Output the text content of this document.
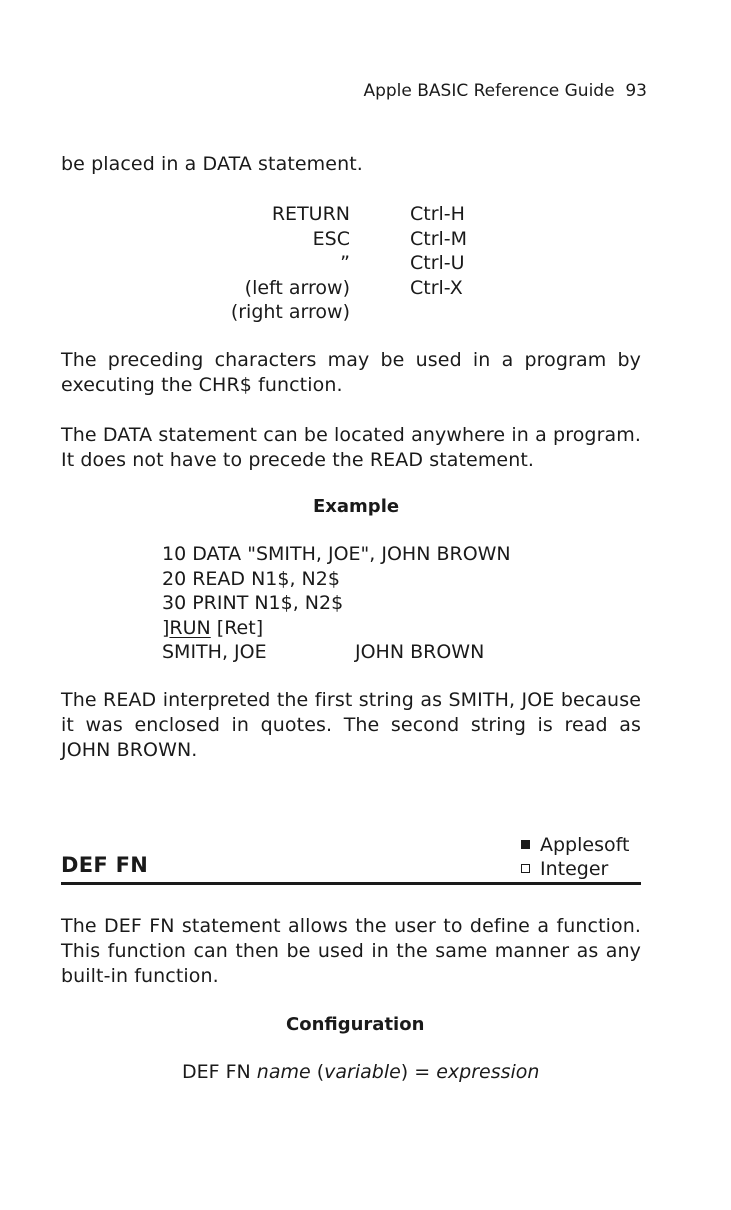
Apple BASIC Reference Guide 93

be placed in a DATA statement.

RETURN

ESC

”

(left arrow)

(right arrow)

Ctrl-H

Ctrl-M

Ctrl-U

Ctrl-X

The preceding characters may be used in a program by executing the CHR$ function.

The DATA statement can be located anywhere in a program. It does not have to precede the READ statement.

Example

10 DATA "SMITH, JOE", JOHN BROWN

20 READ N1$, N2$

30 PRINT N1$, N2$

]RUN [Ret]

SMITH, JOE	JOHN BROWN

The READ interpreted the first string as SMITH, JOE because it was enclosed in quotes. The second string is read as JOHN BROWN.

Applesoft

Integer

DEF FN

The DEF FN statement allows the user to define a function. This function can then be used in the same manner as any built-in function.

Configuration

DEF FN name (variable) = expression
